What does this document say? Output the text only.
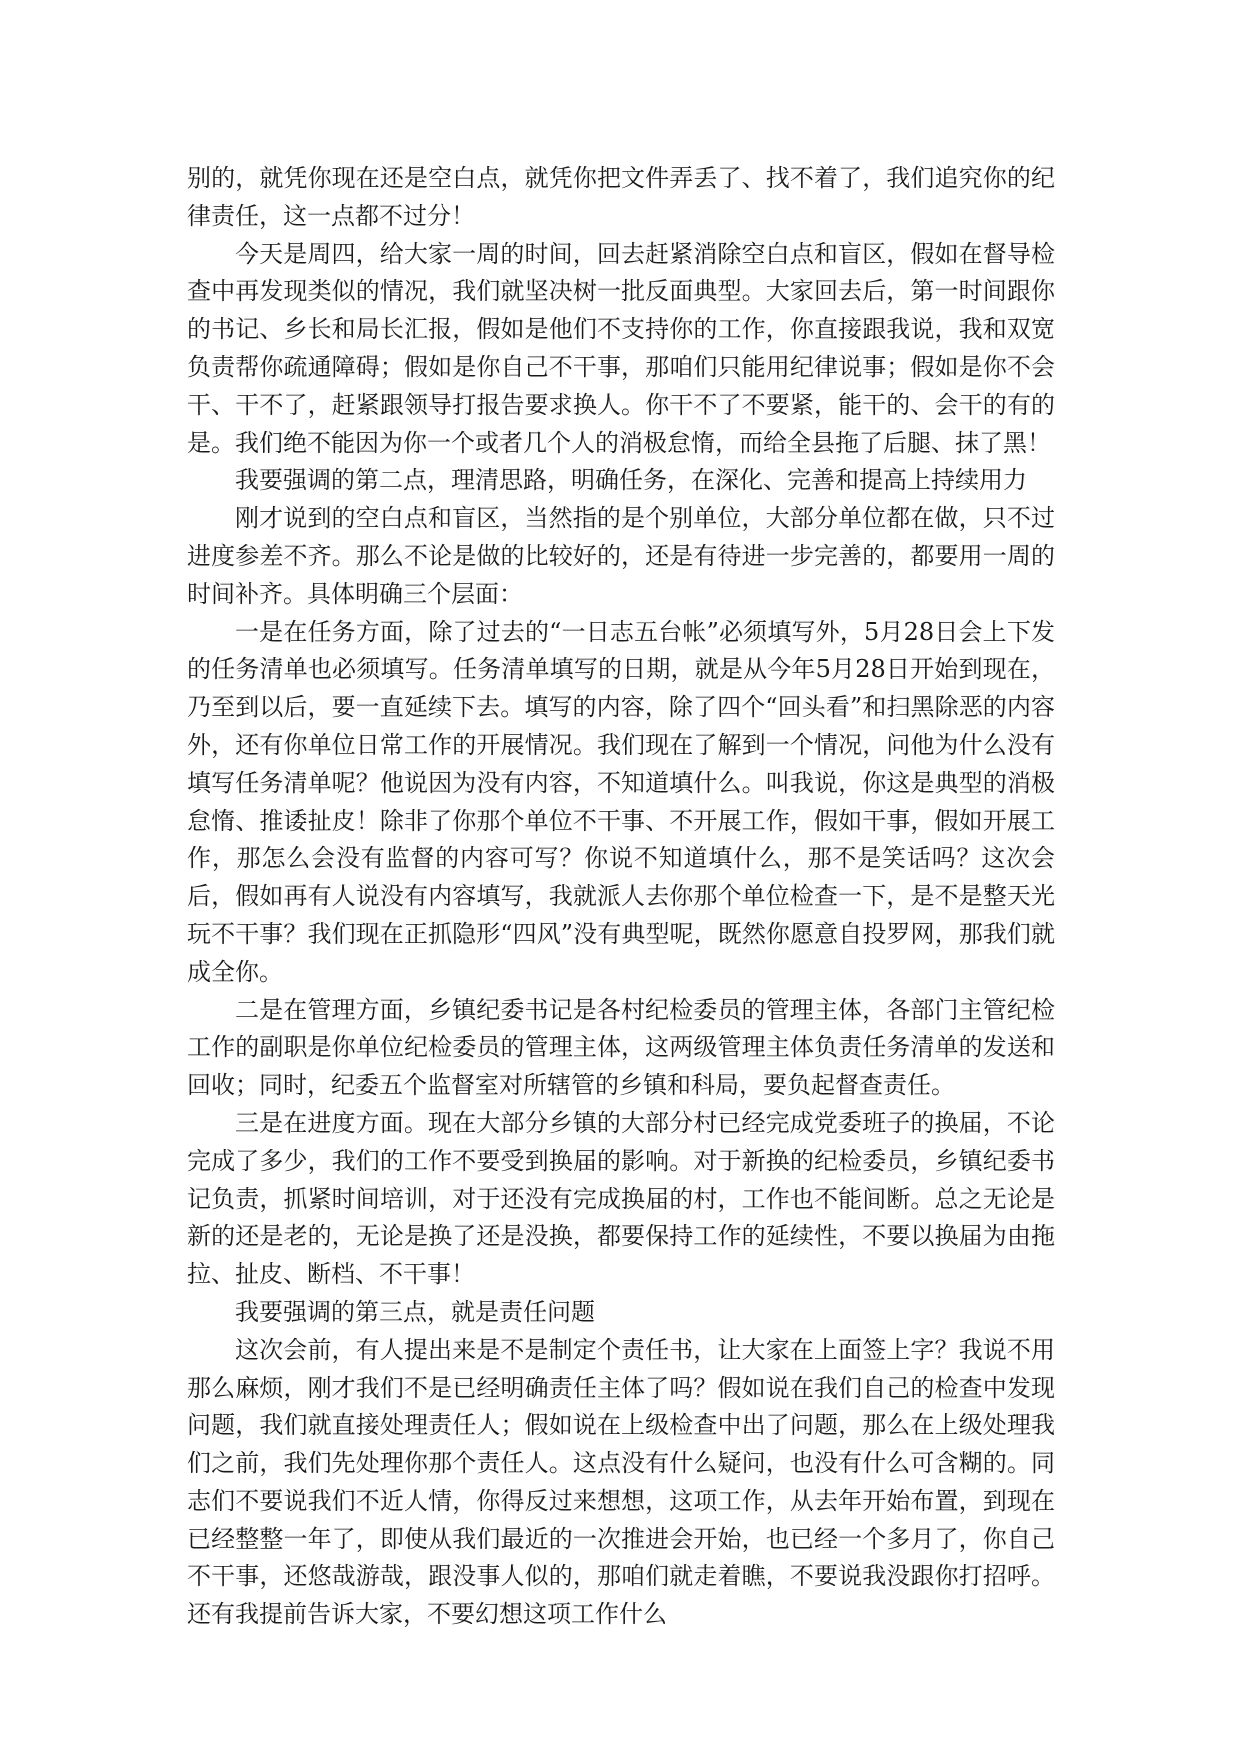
别的，就凭你现在还是空白点，就凭你把文件弄丢了、找不着了，我们追究你的纪律责任，这一点都不过分！

今天是周四，给大家一周的时间，回去赶紧消除空白点和盲区，假如在督导检查中再发现类似的情况，我们就坚决树一批反面典型。大家回去后，第一时间跟你的书记、乡长和局长汇报，假如是他们不支持你的工作，你直接跟我说，我和双宽负责帮你疏通障碍；假如是你自己不干事，那咱们只能用纪律说事；假如是你不会干、干不了，赶紧跟领导打报告要求换人。你干不了不要紧，能干的、会干的有的是。我们绝不能因为你一个或者几个人的消极怠惰，而给全县拖了后腿、抹了黑！

我要强调的第二点，理清思路，明确任务，在深化、完善和提高上持续用力

刚才说到的空白点和盲区，当然指的是个别单位，大部分单位都在做，只不过进度参差不齐。那么不论是做的比较好的，还是有待进一步完善的，都要用一周的时间补齐。具体明确三个层面：

一是在任务方面，除了过去的“一日志五台帐”必须填写外，5月28日会上下发的任务清单也必须填写。任务清单填写的日期，就是从今年5月28日开始到现在，乃至到以后，要一直延续下去。填写的内容，除了四个“回头看”和扫黑除恶的内容外，还有你单位日常工作的开展情况。我们现在了解到一个情况，问他为什么没有填写任务清单呢？他说因为没有内容，不知道填什么。叫我说，你这是典型的消极怠惰、推诿扯皮！除非了你那个单位不干事、不开展工作，假如干事，假如开展工作，那怎么会没有监督的内容可写？你说不知道填什么，那不是笑话吗？这次会后，假如再有人说没有内容填写，我就派人去你那个单位检查一下，是不是整天光玩不干事？我们现在正抓隐形“四风”没有典型呢，既然你愿意自投罗网，那我们就成全你。

二是在管理方面，乡镇纪委书记是各村纪检委员的管理主体，各部门主管纪检工作的副职是你单位纪检委员的管理主体，这两级管理主体负责任务清单的发送和回收；同时，纪委五个监督室对所辖管的乡镇和科局，要负起督查责任。

三是在进度方面。现在大部分乡镇的大部分村已经完成党委班子的换届，不论完成了多少，我们的工作不要受到换届的影响。对于新换的纪检委员，乡镇纪委书记负责，抓紧时间培训，对于还没有完成换届的村，工作也不能间断。总之无论是新的还是老的，无论是换了还是没换，都要保持工作的延续性，不要以换届为由拖拉、扯皮、断档、不干事！

我要强调的第三点，就是责任问题

这次会前，有人提出来是不是制定个责任书，让大家在上面签上字？我说不用那么麻烦，刚才我们不是已经明确责任主体了吗？假如说在我们自己的检查中发现问题，我们就直接处理责任人；假如说在上级检查中出了问题，那么在上级处理我们之前，我们先处理你那个责任人。这点没有什么疑问，也没有什么可含糊的。同志们不要说我们不近人情，你得反过来想想，这项工作，从去年开始布置，到现在已经整整一年了，即使从我们最近的一次推进会开始，也已经一个多月了，你自己不干事，还悠哉游哉，跟没事人似的，那咱们就走着瞧，不要说我没跟你打招呼。还有我提前告诉大家，不要幻想这项工作什么
